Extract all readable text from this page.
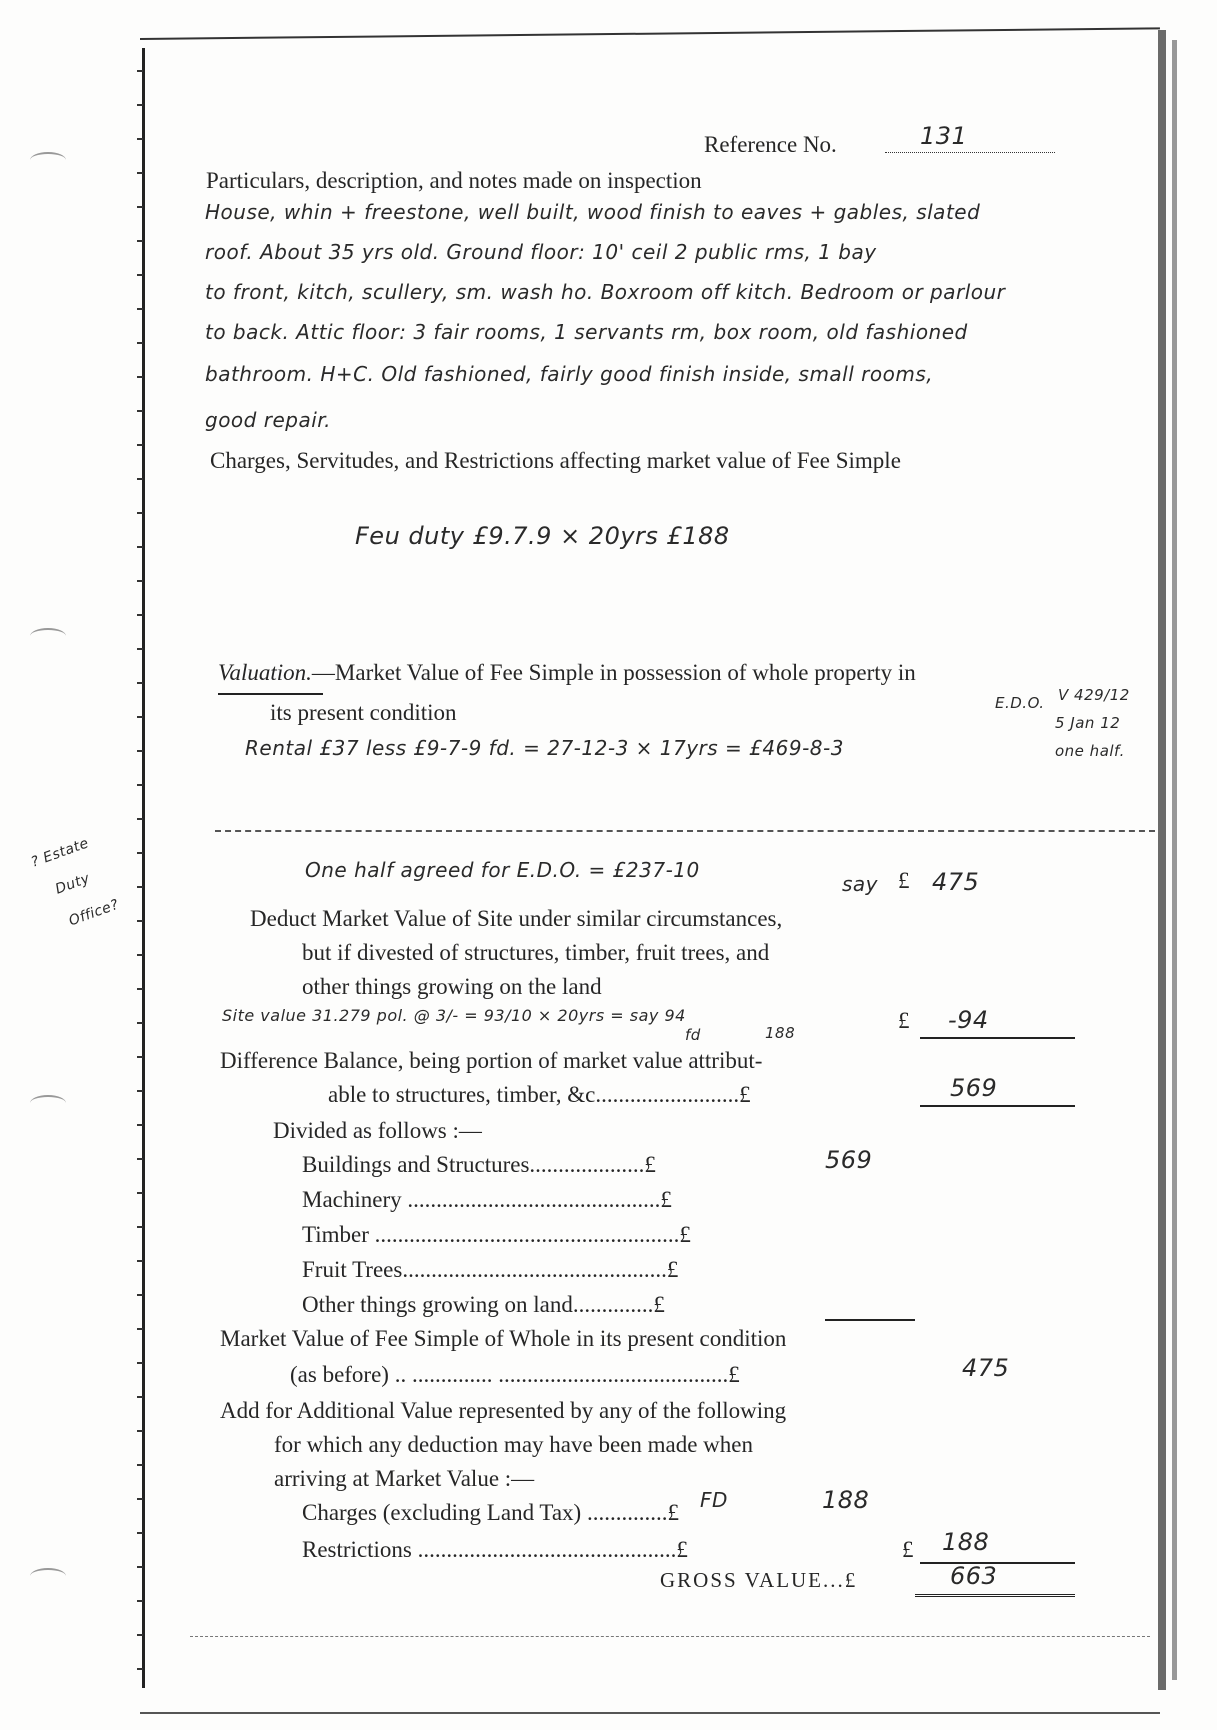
Reference No.	131
Particulars, description, and notes made on inspection
House, whin + freestone, well built, wood finish to eaves + gables, slated
roof. About 35 yrs old. Ground floor: 10' ceil 2 public rms, 1 bay
to front, kitch, scullery, sm. wash ho. Boxroom off kitch. Bedroom or parlour
to back. Attic floor: 3 fair rooms, 1 servants rm, box room, old fashioned
bathroom. H+C. Old fashioned, fairly good finish inside, small rooms,
good repair.
Charges, Servitudes, and Restrictions affecting market value of Fee Simple
Feu duty £9.7.9 × 20yrs £188
Valuation.—Market Value of Fee Simple in possession of whole property in
its present condition
Rental £37 less £9-7-9 fd. = 27-12-3 × 17yrs = £469-8-3
E.D.O. V 429/12
5 Jan 12
one half.
? Estate
Duty
Office?
One half agreed for E.D.O. = £237-10
say £ 475
Deduct Market Value of Site under similar circumstances,
but if divested of structures, timber, fruit trees, and
other things growing on the land
Site value 31.279 pol. @ 3/- = 93/10 × 20yrs = say 94
fd	188	£ -94
Difference Balance, being portion of market value attribut-
able to structures, timber, &c.........................£	569
Divided as follows :—
Buildings and Structures....................£	569
Machinery ............................................£
Timber .....................................................£
Fruit Trees..............................................£
Other things growing on land..............£
Market Value of Fee Simple of Whole in its present condition
(as before) .. .............. ........................................£	475
Add for Additional Value represented by any of the following
for which any deduction may have been made when
arriving at Market Value :—
Charges (excluding Land Tax) ..............£ FD	188
Restrictions .............................................£	£ 188
GROSS VALUE...£	663
